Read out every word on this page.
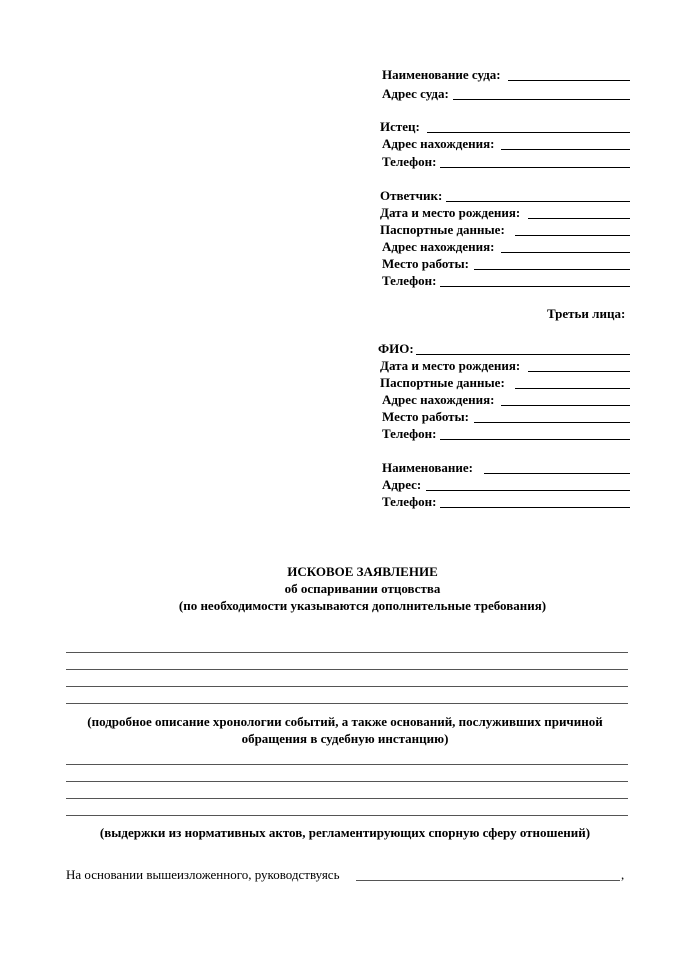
Наименование суда:
Адрес суда:
Истец:
Адрес нахождения:
Телефон:
Ответчик:
Дата и место рождения:
Паспортные данные:
Адрес нахождения:
Место работы:
Телефон:
Третьи лица:
ФИО:
Дата и место рождения:
Паспортные данные:
Адрес нахождения:
Место работы:
Телефон:
Наименование:
Адрес:
Телефон:
ИСКОВОЕ ЗАЯВЛЕНИЕ
об оспаривании отцовства
(по необходимости указываются дополнительные требования)
(подробное описание хронологии событий, а также оснований, послуживших причиной обращения в судебную инстанцию)
(выдержки из нормативных актов, регламентирующих спорную сферу отношений)
На основании вышеизложенного, руководствуясь	,
